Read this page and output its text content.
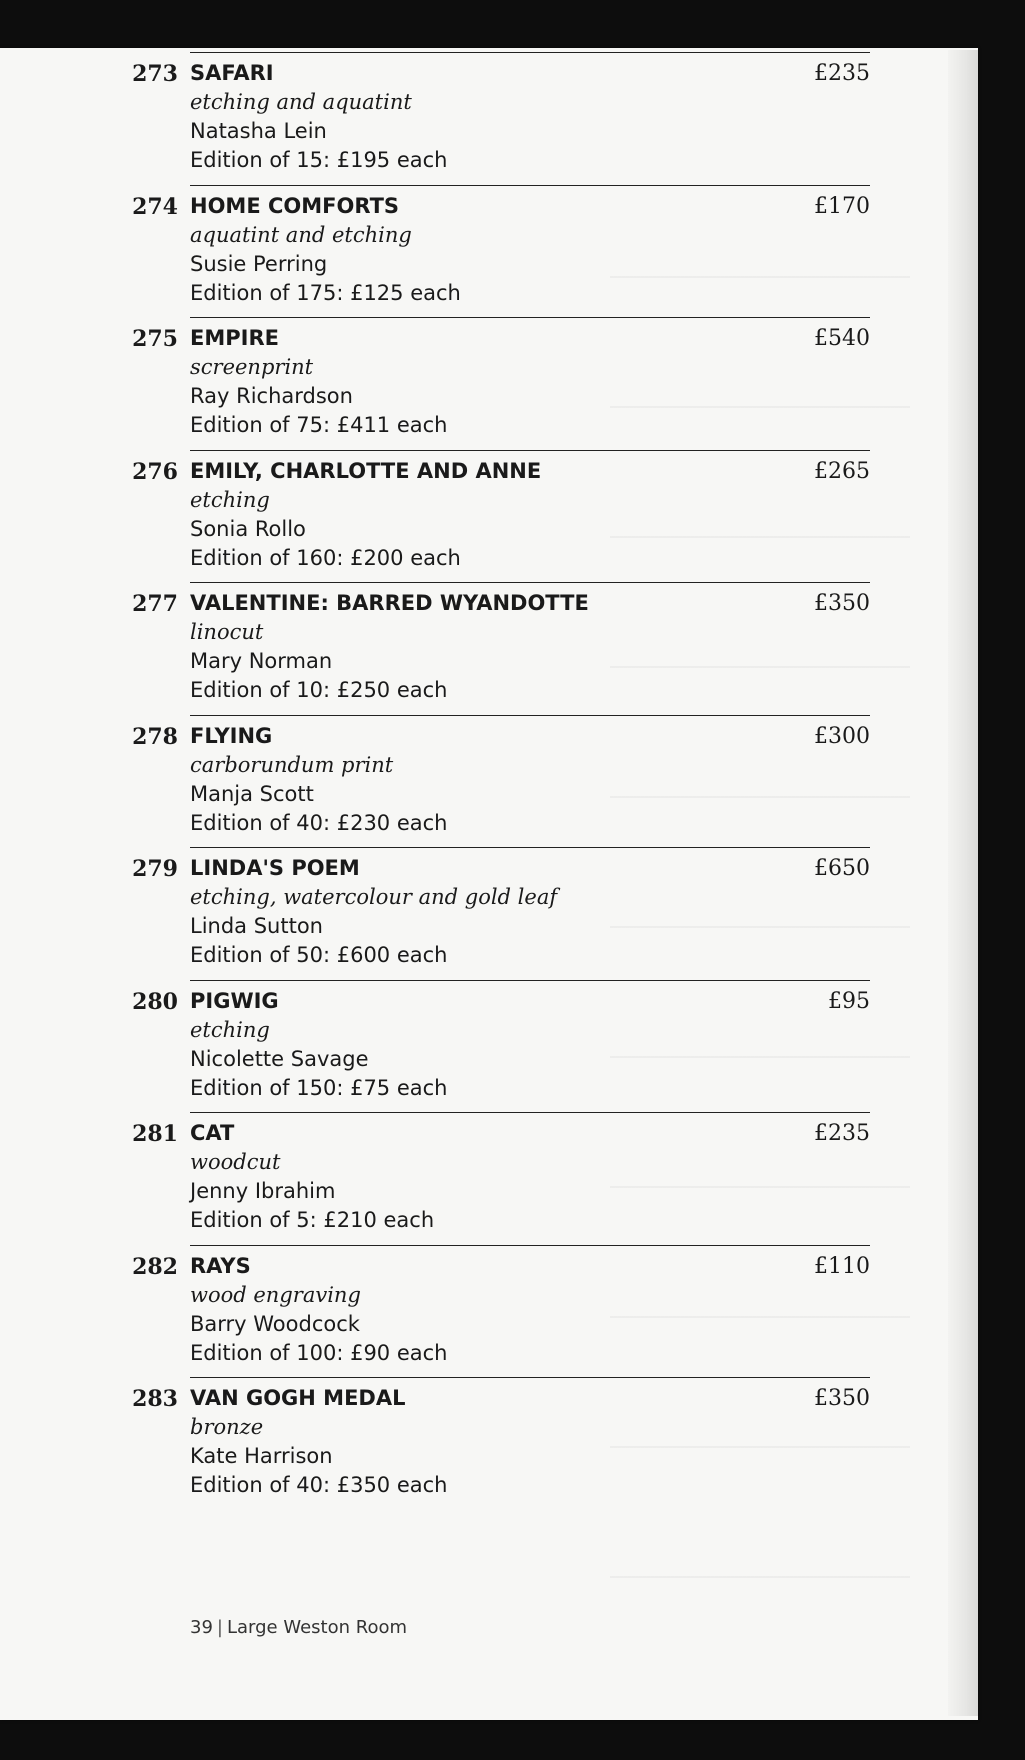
273 SAFARI	£235
etching and aquatint
Natasha Lein
Edition of 15: £195 each
274 HOME COMFORTS	£170
aquatint and etching
Susie Perring
Edition of 175: £125 each
275 EMPIRE	£540
screenprint
Ray Richardson
Edition of 75: £411 each
276 EMILY, CHARLOTTE AND ANNE	£265
etching
Sonia Rollo
Edition of 160: £200 each
277 VALENTINE: BARRED WYANDOTTE	£350
linocut
Mary Norman
Edition of 10: £250 each
278 FLYING	£300
carborundum print
Manja Scott
Edition of 40: £230 each
279 LINDA'S POEM	£650
etching, watercolour and gold leaf
Linda Sutton
Edition of 50: £600 each
280 PIGWIG	£95
etching
Nicolette Savage
Edition of 150: £75 each
281 CAT	£235
woodcut
Jenny Ibrahim
Edition of 5: £210 each
282 RAYS	£110
wood engraving
Barry Woodcock
Edition of 100: £90 each
283 VAN GOGH MEDAL	£350
bronze
Kate Harrison
Edition of 40: £350 each
39 | Large Weston Room
